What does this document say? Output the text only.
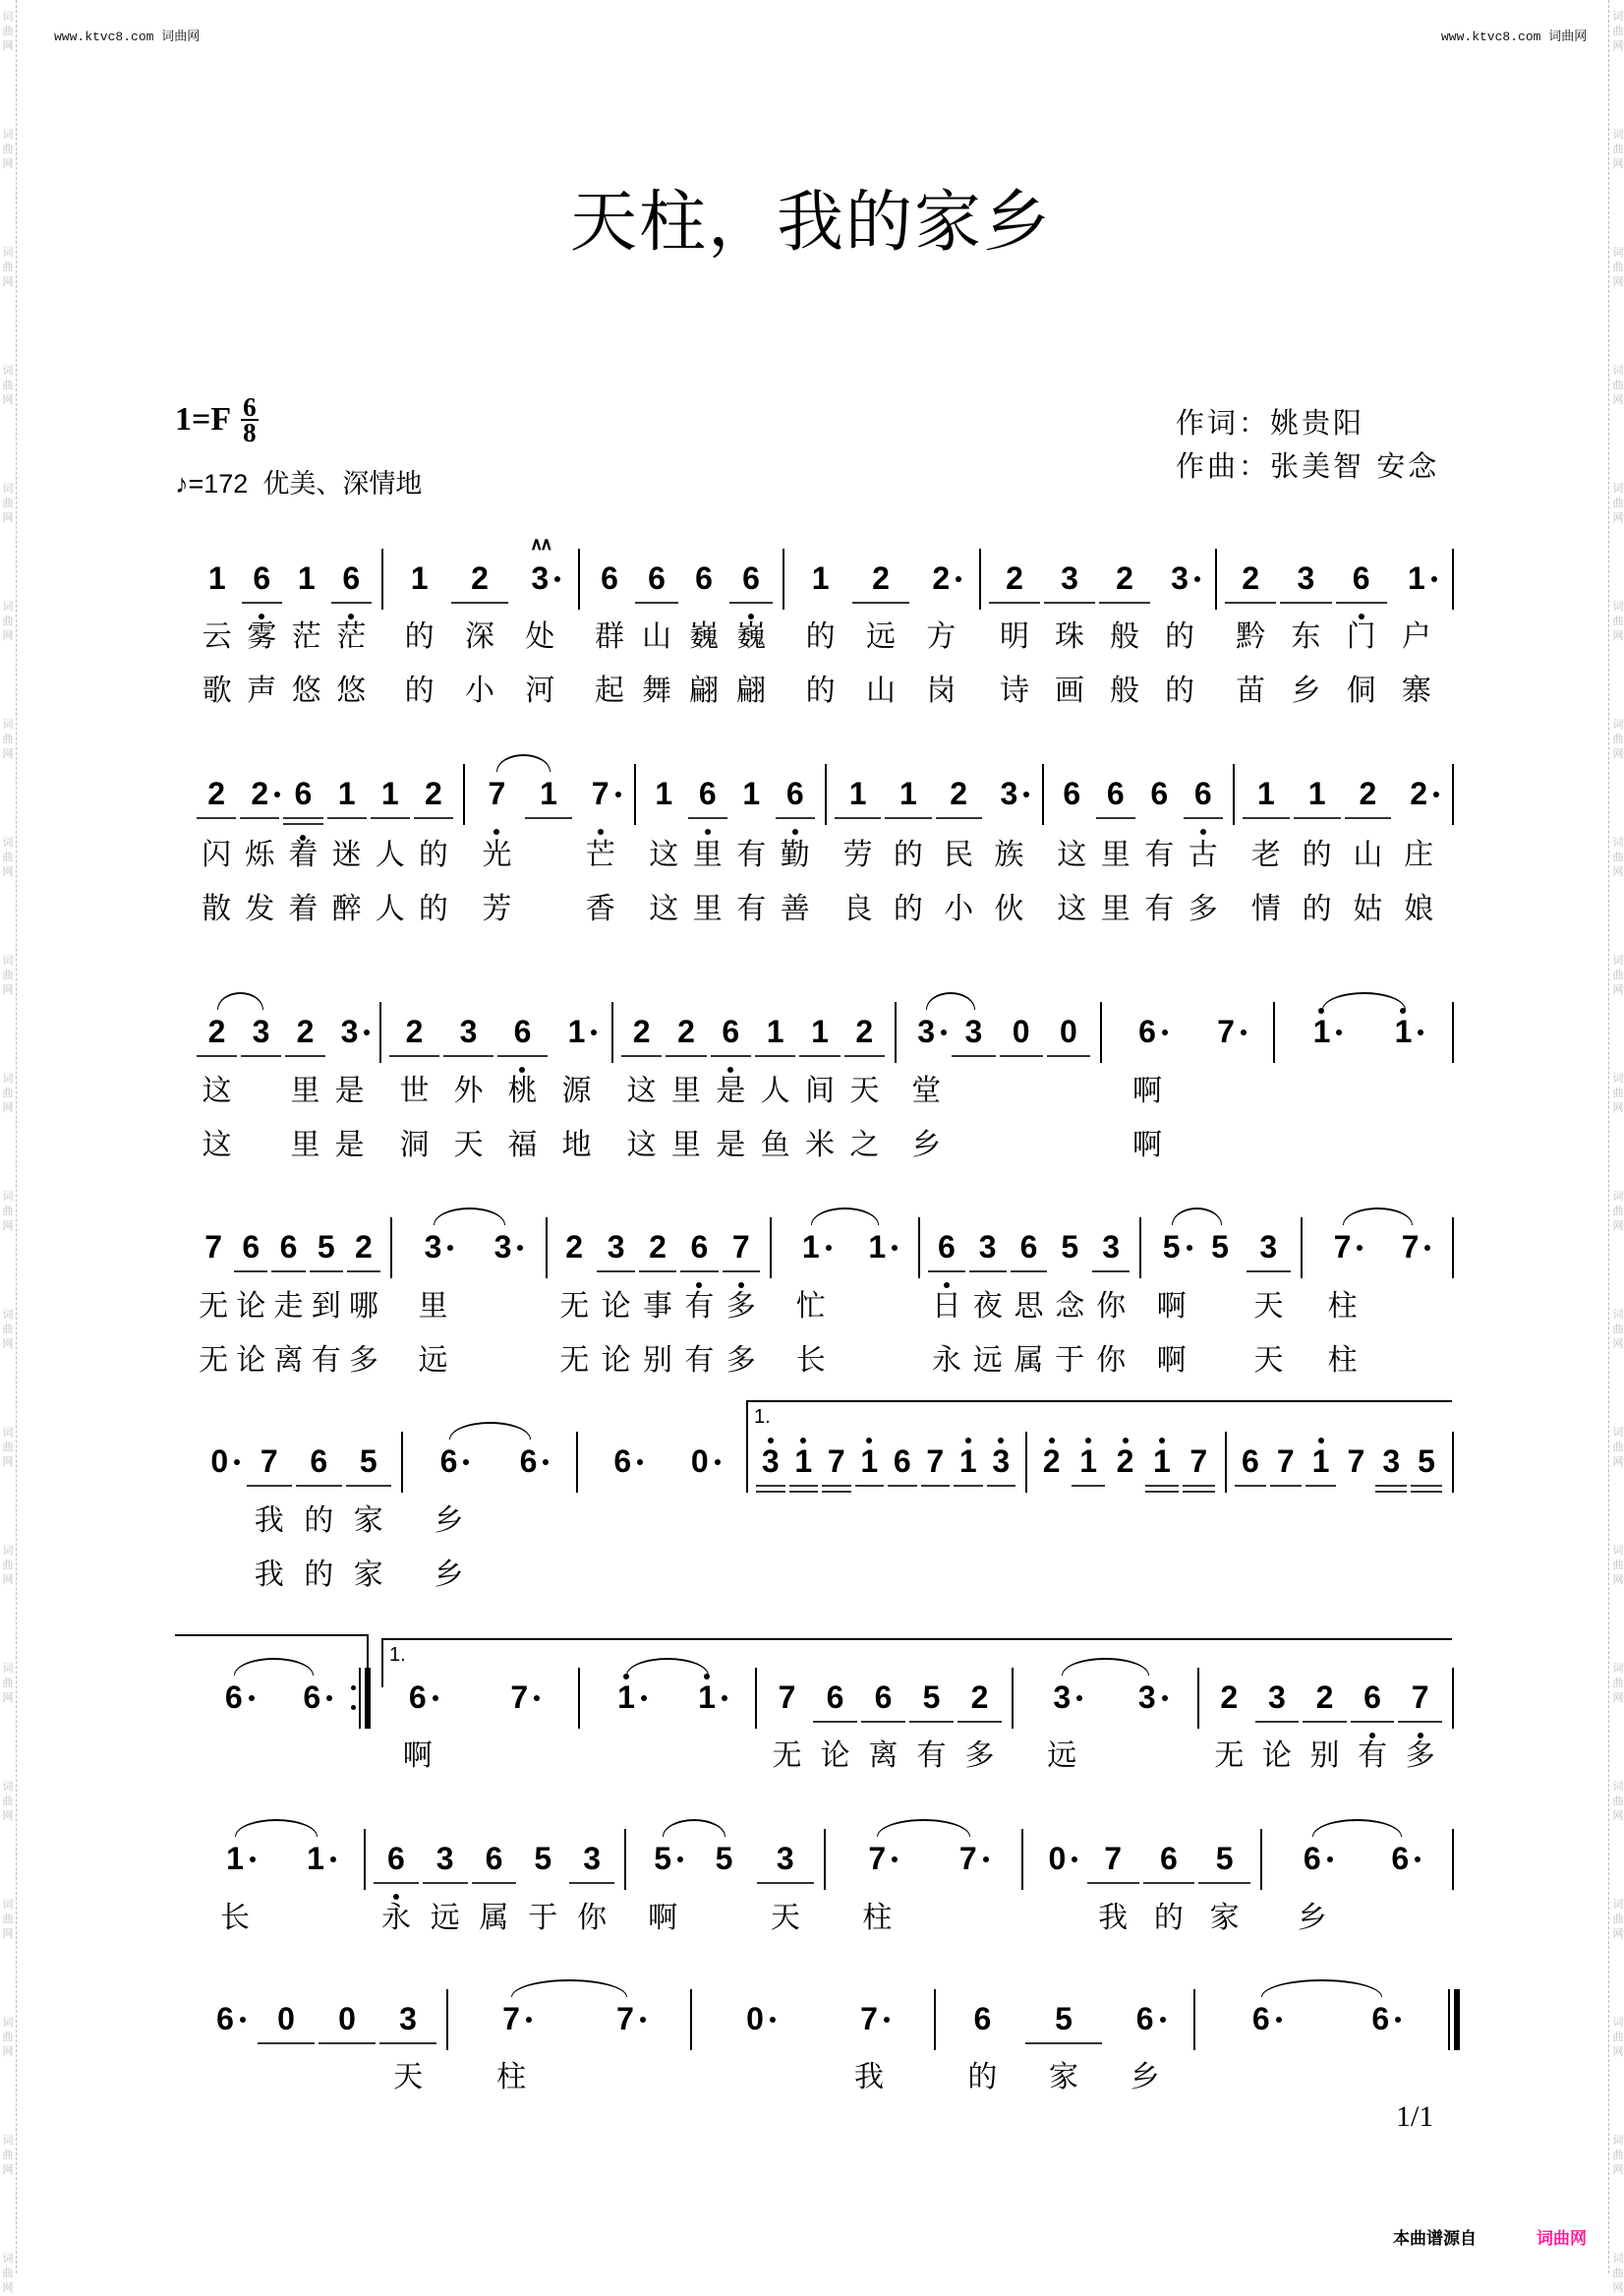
词曲网
词曲网
词曲网
词曲网
词曲网
词曲网
词曲网
词曲网
词曲网
词曲网
词曲网
词曲网
词曲网
词曲网
词曲网
词曲网
词曲网
词曲网
词曲网
词曲网
词曲网
词曲网
词曲网
词曲网
词曲网
词曲网
词曲网
词曲网
词曲网
词曲网
词曲网
词曲网
词曲网
词曲网
词曲网
词曲网
词曲网
词曲网
词曲网
词曲网
www.ktvc8.com 词曲网	www.ktvc8.com 词曲网
天柱，我的家乡
$1=F \frac{6}{8}$
♪=172 优美、深情地
作词：姚贵阳
作曲：张美智 安念
1 6 1 6
云雾茫茫
歌声悠悠
1	2	3
∧∧
的深处
的小河
6 6 6 6
群山巍巍
起舞翩翩
1	2	2
的远方
的山岗
2	3	2	3
明珠般的
诗画般的
2	3	6	1
黔东门户
苗乡侗寨
2 2 6 1 1 2
闪烁着迷人的
散发着醉人的
7	1	7
光 芒
芳 香
1 6 1 6
这里有勤
这里有善
1	1	2	3
劳的民族
良的小伙
6 6 6 6
这里有古
这里有多
1	1	2	2
老的山庄
情的姑娘
2 3 2 3
这 里是
这 里是
2	3	6	1
世外桃源
洞天福地
2 2 6 1 1 2
这里是人间天
这里是鱼米之
3 3 0 0
堂
乡
6	7
啊
啊
1	1
7 6 6 5 2
无论走到哪
无论离有多
3	3
里
远
2 3 2 6 7
无论事有多
无论别有多
1	1
忙
长
6 3 6 5 3
日夜思念你
永远属于你
5 5 3
啊 天
啊 天
7	7
柱
柱
0	7	6	5
我的家
我的家
6	6
乡
乡
6	0	3 1 7 1 6 7 1 3	2 1 2 1 7	6 7 1 7 3 5
6	6	6	7
啊
1	1	7 6 6 5 2
无论离有多
3	3
远
2 3 2 6 7
无论别有多
1	1
长
6	3	6	5	3
永远属于你
5	5	3
啊 天
7	7
柱
0	7	6	5
我的家
6	6
乡
6	0	0	3
天
7	7
柱
0	7
我
6	5	6
的家乡
6	6
1.
1.
1/1
本曲谱源自	词曲网
